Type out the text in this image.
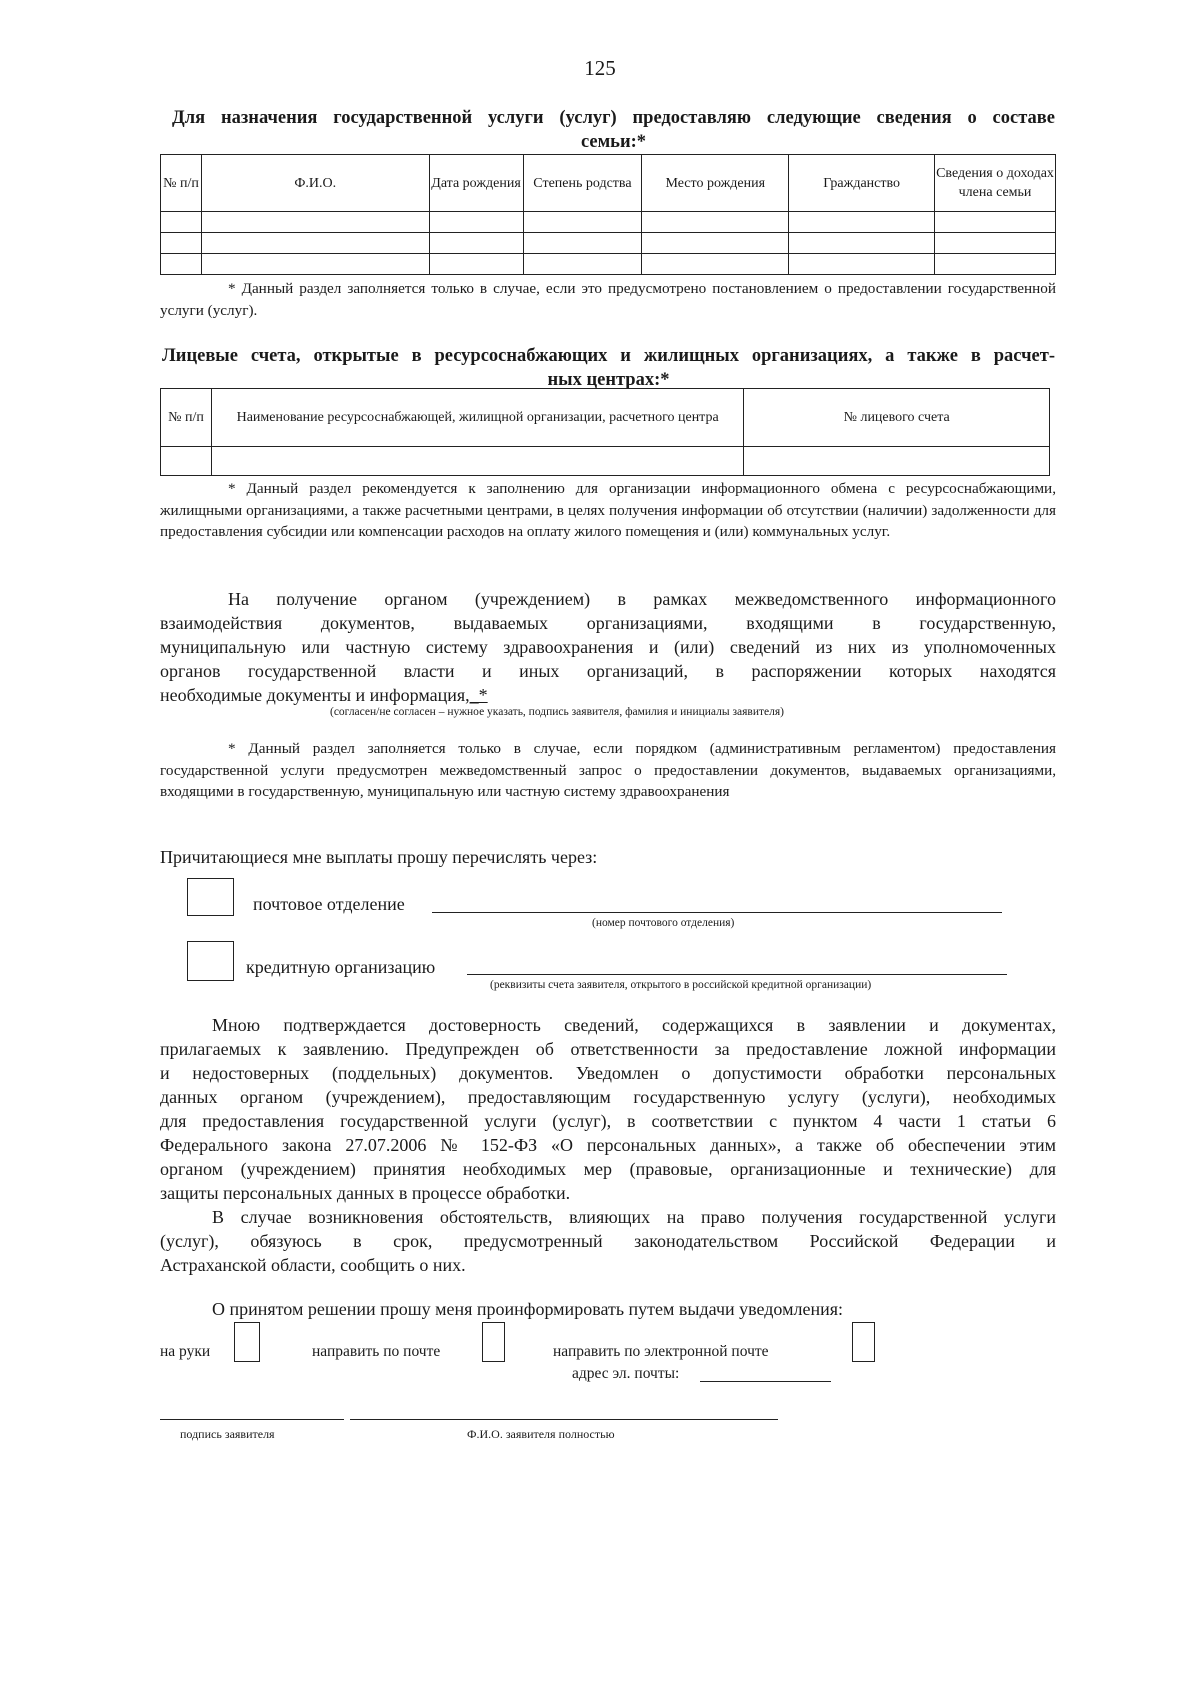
125
Для назначения государственной услуги (услуг) предоставляю следующие сведения о составе
семьи:*
№ п/п	Ф.И.О.	Дата рождения	Степень родства	Место рождения	Гражданство	Сведения о доходах члена семьи

* Данный раздел заполняется только в случае, если это предусмотрено постановлением о предоставлении государственной услуги (услуг).
Лицевые счета, открытые в ресурсоснабжающих и жилищных организациях, а также в расчет-
ных центрах:*
№ п/п	Наименование ресурсоснабжающей, жилищной организации, расчетного центра	№ лицевого счета

* Данный раздел рекомендуется к заполнению для организации информационного обмена с ресурсоснабжающими, жилищными организациями, а также расчетными центрами, в целях получения информации об отсутствии (наличии) задолженности для предоставления субсидии или компенсации расходов на оплату жилого помещения и (или) коммунальных услуг.
На получение органом (учреждением) в рамках межведомственного информационного
взаимодействия документов, выдаваемых организациями, входящими в государственную,
муниципальную или частную систему здравоохранения и (или) сведений из них из уполномоченных
органов государственной власти и иных организаций, в распоряжении которых находятся
необходимые документы и информация,_*
(согласен/не согласен – нужное указать, подпись заявителя, фамилия и инициалы заявителя)
* Данный раздел заполняется только в случае, если порядком (административным регламентом) предоставления государственной услуги предусмотрен межведомственный запрос о предоставлении документов, выдаваемых организациями, входящими в государственную, муниципальную или частную систему здравоохранения
Причитающиеся мне выплаты прошу перечислять через:
почтовое отделение
(номер почтового отделения)
кредитную организацию
(реквизиты счета заявителя, открытого в российской кредитной организации)
Мною подтверждается достоверность сведений, содержащихся в заявлении и документах,
прилагаемых к заявлению. Предупрежден об ответственности за предоставление ложной информации
и недостоверных (поддельных) документов. Уведомлен о допустимости обработки персональных
данных органом (учреждением), предоставляющим государственную услугу (услуги), необходимых
для предоставления государственной услуги (услуг), в соответствии с пунктом 4 части 1 статьи 6
Федерального закона 27.07.2006 № 152-ФЗ «О персональных данных», а также об обеспечении этим
органом (учреждением) принятия необходимых мер (правовые, организационные и технические) для
защиты персональных данных в процессе обработки.
В случае возникновения обстоятельств, влияющих на право получения государственной услуги
(услуг), обязуюсь в срок, предусмотренный законодательством Российской Федерации и
Астраханской области, сообщить о них.
О принятом решении прошу меня проинформировать путем выдачи уведомления:
на руки	направить по почте	направить по электронной почте
адрес эл. почты:
подпись заявителя	Ф.И.О. заявителя полностью
